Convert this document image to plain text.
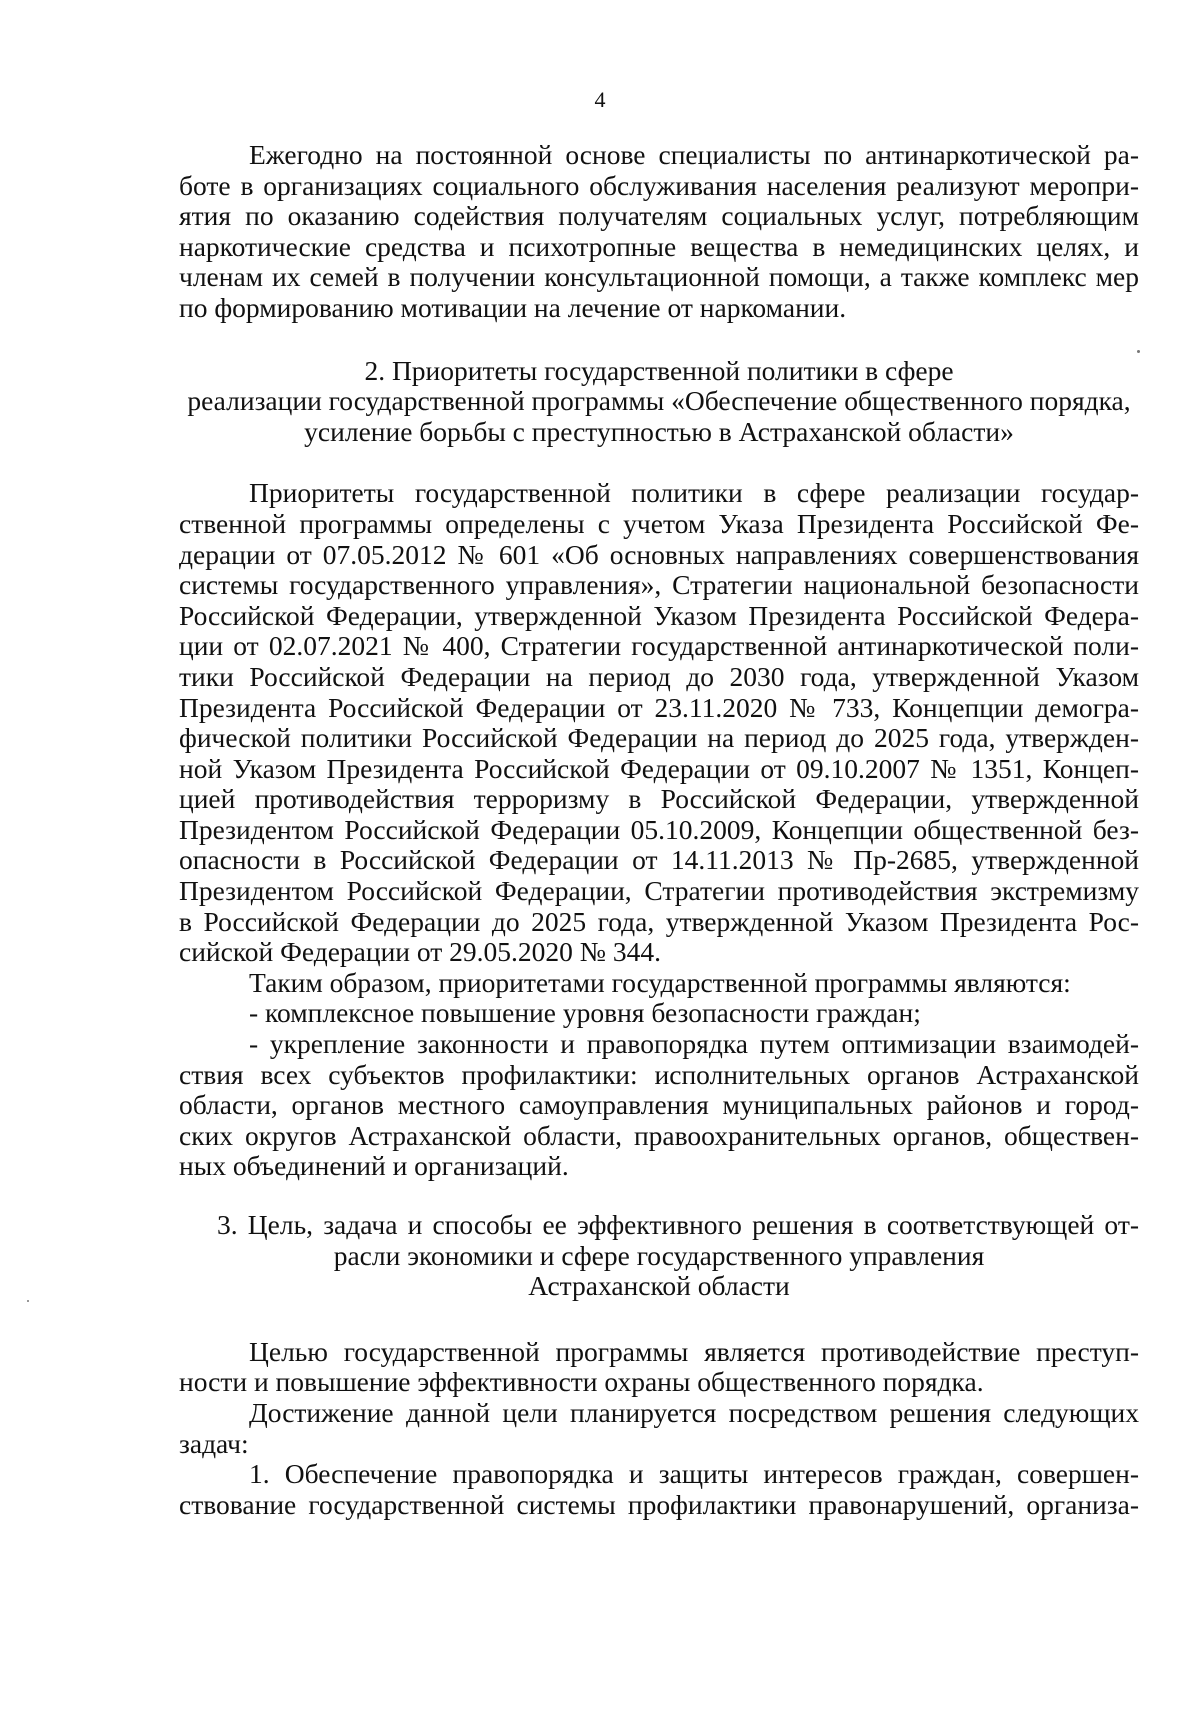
4

Ежегодно на постоянной основе специалисты по антинаркотической ра-

боте в организациях социального обслуживания населения реализуют меропри-

ятия по оказанию содействия получателям социальных услуг, потребляющим

наркотические средства и психотропные вещества в немедицинских целях, и

членам их семей в получении консультационной помощи, а также комплекс мер

по формированию мотивации на лечение от наркомании.

2. Приоритеты государственной политики в сфере

реализации государственной программы «Обеспечение общественного порядка,

усиление борьбы с преступностью в Астраханской области»

Приоритеты государственной политики в сфере реализации государ-

ственной программы определены с учетом Указа Президента Российской Фе-

дерации от 07.05.2012 № 601 «Об основных направлениях совершенствования

системы государственного управления», Стратегии национальной безопасности

Российской Федерации, утвержденной Указом Президента Российской Федера-

ции от 02.07.2021 № 400, Стратегии государственной антинаркотической поли-

тики Российской Федерации на период до 2030 года, утвержденной Указом

Президента Российской Федерации от 23.11.2020 № 733, Концепции демогра-

фической политики Российской Федерации на период до 2025 года, утвержден-

ной Указом Президента Российской Федерации от 09.10.2007 № 1351, Концеп-

цией противодействия терроризму в Российской Федерации, утвержденной

Президентом Российской Федерации 05.10.2009, Концепции общественной без-

опасности в Российской Федерации от 14.11.2013 № Пр-2685, утвержденной

Президентом Российской Федерации, Стратегии противодействия экстремизму

в Российской Федерации до 2025 года, утвержденной Указом Президента Рос-

сийской Федерации от 29.05.2020 № 344.

Таким образом, приоритетами государственной программы являются:

- комплексное повышение уровня безопасности граждан;

- укрепление законности и правопорядка путем оптимизации взаимодей-

ствия всех субъектов профилактики: исполнительных органов Астраханской

области, органов местного самоуправления муниципальных районов и город-

ских округов Астраханской области, правоохранительных органов, обществен-

ных объединений и организаций.

3. Цель, задача и способы ее эффективного решения в соответствующей от-

расли экономики и сфере государственного управления

Астраханской области

Целью государственной программы является противодействие преступ-

ности и повышение эффективности охраны общественного порядка.

Достижение данной цели планируется посредством решения следующих

задач:

1. Обеспечение правопорядка и защиты интересов граждан, совершен-

ствование государственной системы профилактики правонарушений, организа-
